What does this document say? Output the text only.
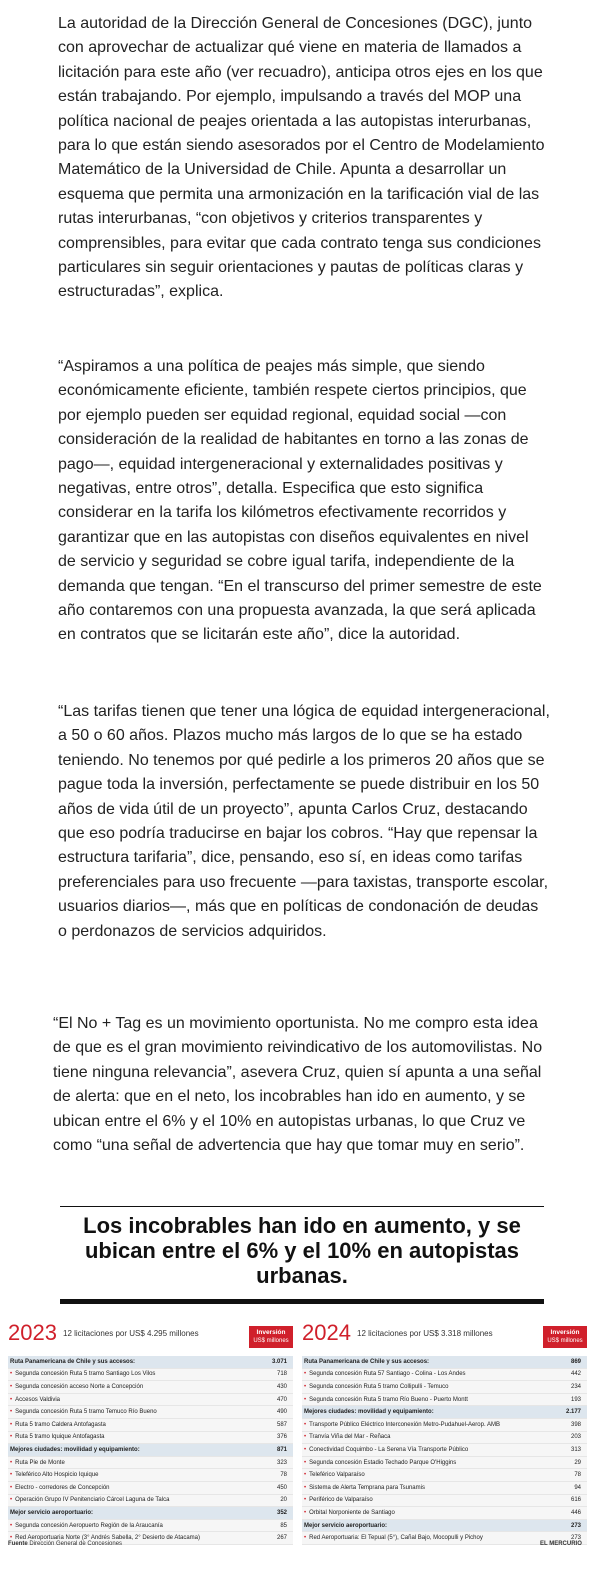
La autoridad de la Dirección General de Concesiones (DGC), junto con aprovechar de actualizar qué viene en materia de llamados a licitación para este año (ver recuadro), anticipa otros ejes en los que están trabajando. Por ejemplo, impulsando a través del MOP una política nacional de peajes orientada a las autopistas interurbanas, para lo que están siendo asesorados por el Centro de Modelamiento Matemático de la Universidad de Chile. Apunta a desarrollar un esquema que permita una armonización en la tarificación vial de las rutas interurbanas, “con objetivos y criterios transparentes y comprensibles, para evitar que cada contrato tenga sus condiciones particulares sin seguir orientaciones y pautas de políticas claras y estructuradas”, explica.

“Aspiramos a una política de peajes más simple, que siendo económicamente eficiente, también respete ciertos principios, que por ejemplo pueden ser equidad regional, equidad social —con consideración de la realidad de habitantes en torno a las zonas de pago—, equidad intergeneracional y externalidades positivas y negativas, entre otros”, detalla. Especifica que esto significa considerar en la tarifa los kilómetros efectivamente recorridos y garantizar que en las autopistas con diseños equivalentes en nivel de servicio y seguridad se cobre igual tarifa, independiente de la demanda que tengan. “En el transcurso del primer semestre de este año contaremos con una propuesta avanzada, la que será aplicada en contratos que se licitarán este año”, dice la autoridad.

“Las tarifas tienen que tener una lógica de equidad intergeneracional, a 50 o 60 años. Plazos mucho más largos de lo que se ha estado teniendo. No tenemos por qué pedirle a los primeros 20 años que se pague toda la inversión, perfectamente se puede distribuir en los 50 años de vida útil de un proyecto”, apunta Carlos Cruz, destacando que eso podría traducirse en bajar los cobros. “Hay que repensar la estructura tarifaria”, dice, pensando, eso sí, en ideas como tarifas preferenciales para uso frecuente —para taxistas, transporte escolar, usuarios diarios—, más que en políticas de condonación de deudas o perdonazos de servicios adquiridos.

“El No + Tag es un movimiento oportunista. No me compro esta idea de que es el gran movimiento reivindicativo de los automovilistas. No tiene ninguna relevancia”, asevera Cruz, quien sí apunta a una señal de alerta: que en el neto, los incobrables han ido en aumento, y se ubican entre el 6% y el 10% en autopistas urbanas, lo que Cruz ve como “una señal de advertencia que hay que tomar muy en serio”.

Los incobrables han ido en aumento, y se ubican entre el 6% y el 10% en autopistas urbanas.

2023 12 licitaciones por US$ 4.295 millones	Inversión
US$ millones
Ruta Panamericana de Chile y sus accesos:	3.071
• Segunda concesión Ruta 5 tramo Santiago Los Vilos	718
• Segunda concesión acceso Norte a Concepción	430
• Accesos Valdivia	470
• Segunda concesión Ruta 5 tramo Temuco Río Bueno	490
• Ruta 5 tramo Caldera Antofagasta	587
• Ruta 5 tramo Iquique Antofagasta	376
Mejores ciudades: movilidad y equipamiento:	871
• Ruta Pie de Monte	323
• Teleférico Alto Hospicio Iquique	78
• Electro - corredores de Concepción	450
• Operación Grupo IV Penitenciario Cárcel Laguna de Talca	20
Mejor servicio aeroportuario:	352
• Segunda concesión Aeropuerto Región de la Araucanía	85
• Red Aeroportuaria Norte (3° Andrés Sabella, 2° Desierto de Atacama)	267
2024 12 licitaciones por US$ 3.318 millones	Inversión
US$ millones
Ruta Panamericana de Chile y sus accesos:	869
• Segunda concesión Ruta 57 Santiago - Colina - Los Andes	442
• Segunda concesión Ruta 5 tramo Collipulli - Temuco	234
• Segunda concesión Ruta 5 tramo Río Bueno - Puerto Montt	193
Mejores ciudades: movilidad y equipamiento:	2.177
• Transporte Público Eléctrico Interconexión Metro-Pudahuel-Aerop. AMB	398
• Tranvía Viña del Mar - Reñaca	203
• Conectividad Coquimbo - La Serena Vía Transporte Público	313
• Segunda concesión Estadio Techado Parque O'Higgins	29
• Teleférico Valparaíso	78
• Sistema de Alerta Temprana para Tsunamis	94
• Periférico de Valparaíso	616
• Orbital Norponiente de Santiago	446
Mejor servicio aeroportuario:	273
• Red Aeroportuaria: El Tepual (5°), Cañal Bajo, Mocopulli y Pichoy	273
Fuente Dirección General de Concesiones	EL MERCURIO
